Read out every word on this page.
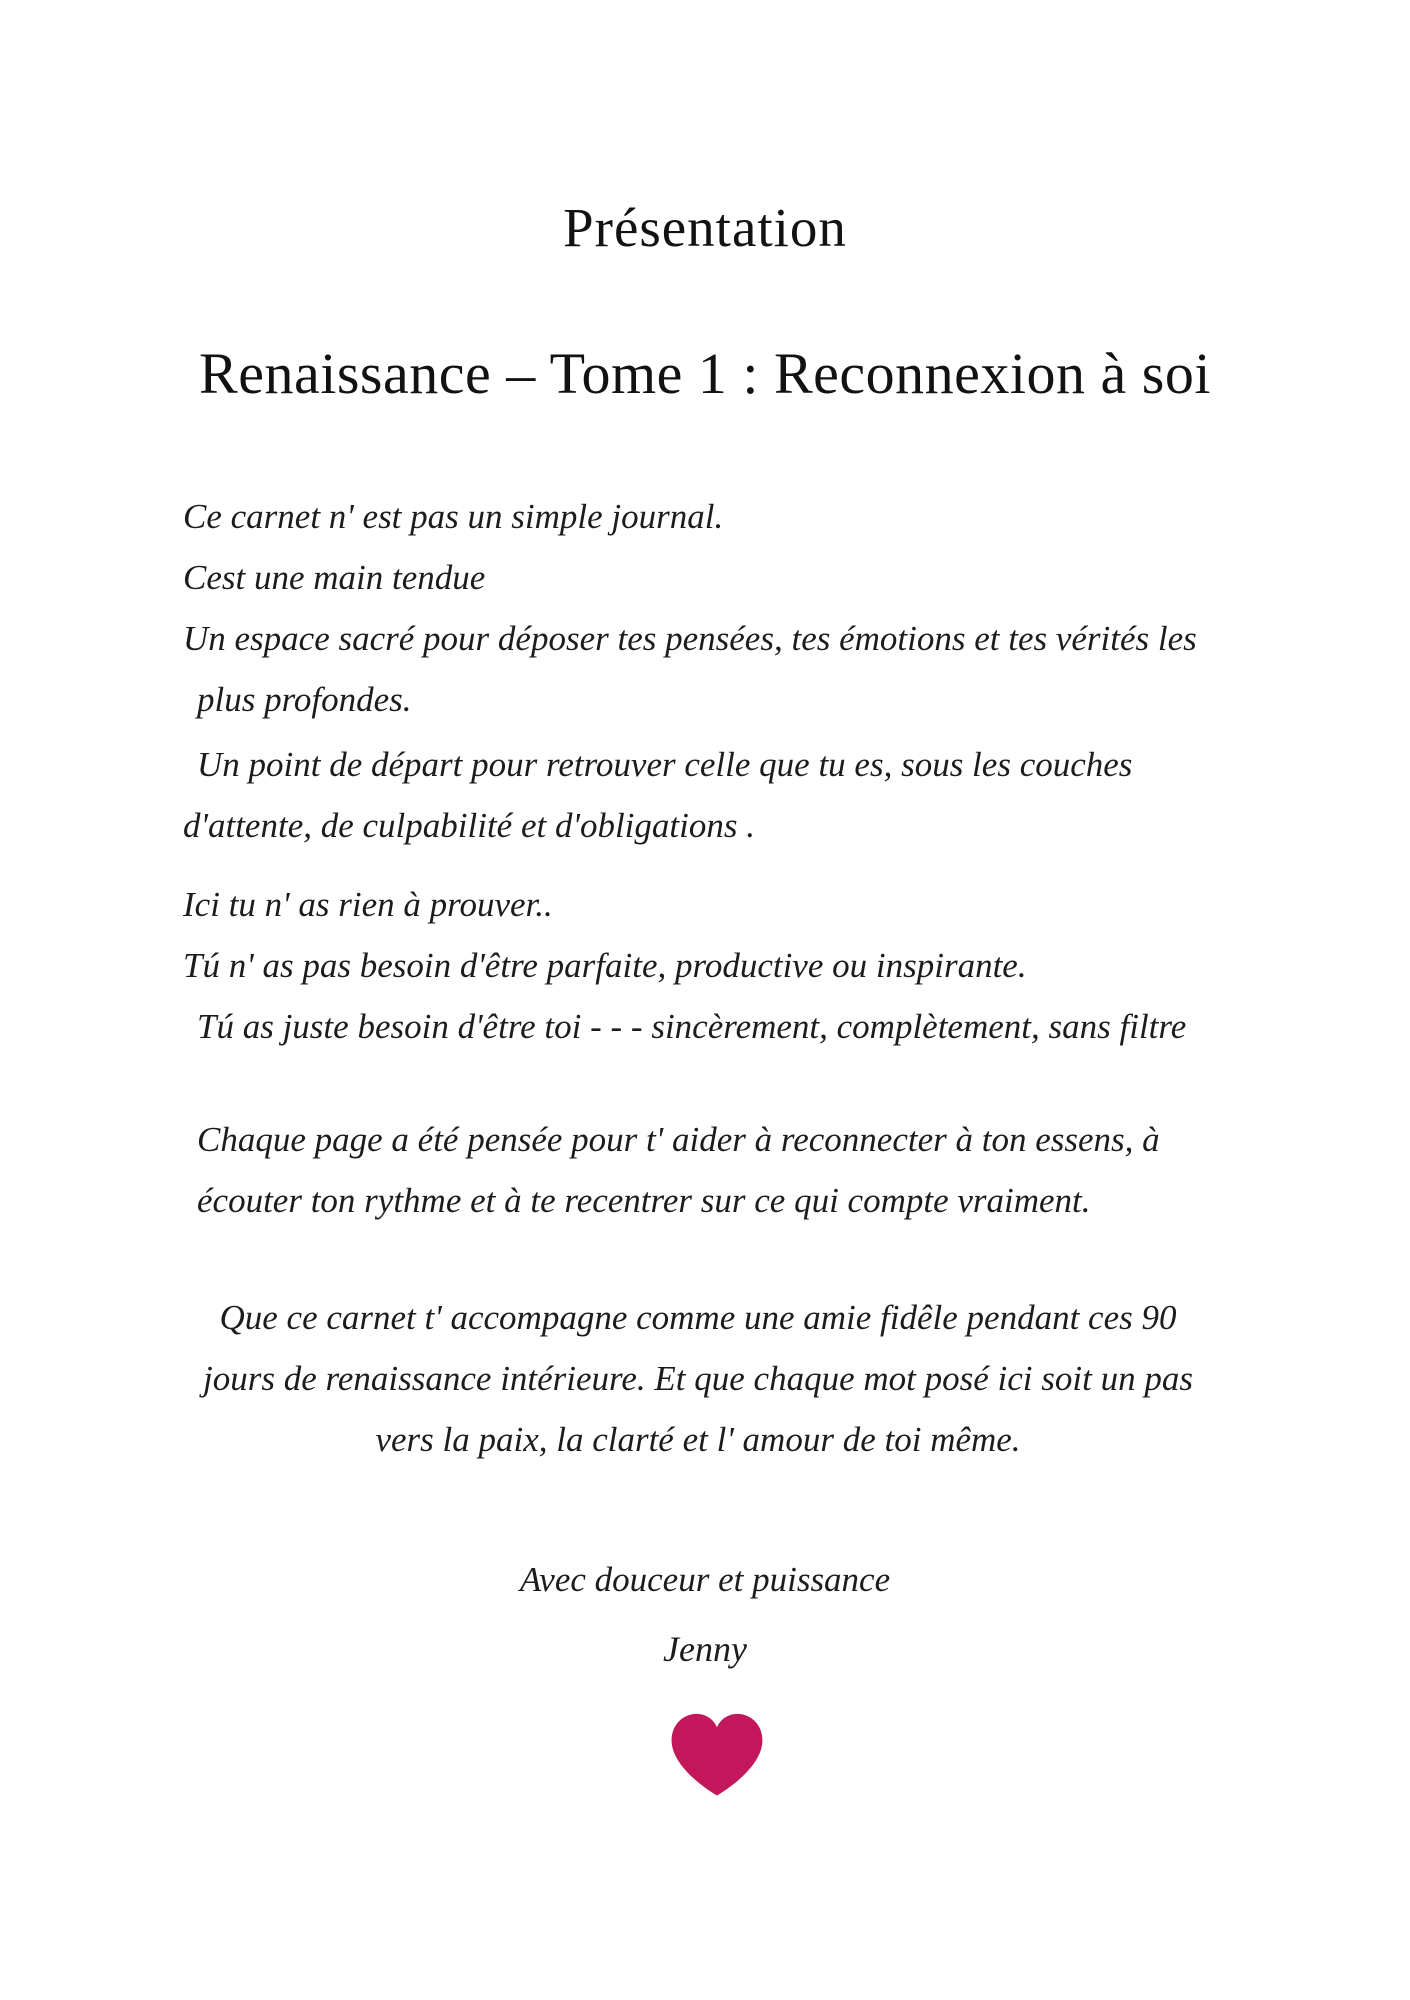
Présentation
Renaissance – Tome 1 : Reconnexion à soi
Ce carnet n' est pas un simple journal.
Cest une main tendue
Un espace sacré pour déposer tes pensées, tes émotions et tes vérités les
plus profondes.
Un point de départ pour retrouver celle que tu es, sous les couches
d'attente, de culpabilité et d'obligations .
Ici tu n' as rien à prouver..
Tú n' as pas besoin d'être parfaite, productive ou inspirante.
Tú as juste besoin d'être toi - - - sincèrement, complètement, sans filtre
Chaque page a été pensée pour t' aider à reconnecter à ton essens, à
écouter ton rythme et à te recentrer sur ce qui compte vraiment.
Que ce carnet t' accompagne comme une amie fidêle pendant ces 90
jours de renaissance intérieure. Et que chaque mot posé ici soit un pas
vers la paix, la clarté et l' amour de toi même.
Avec douceur et puissance
Jenny
